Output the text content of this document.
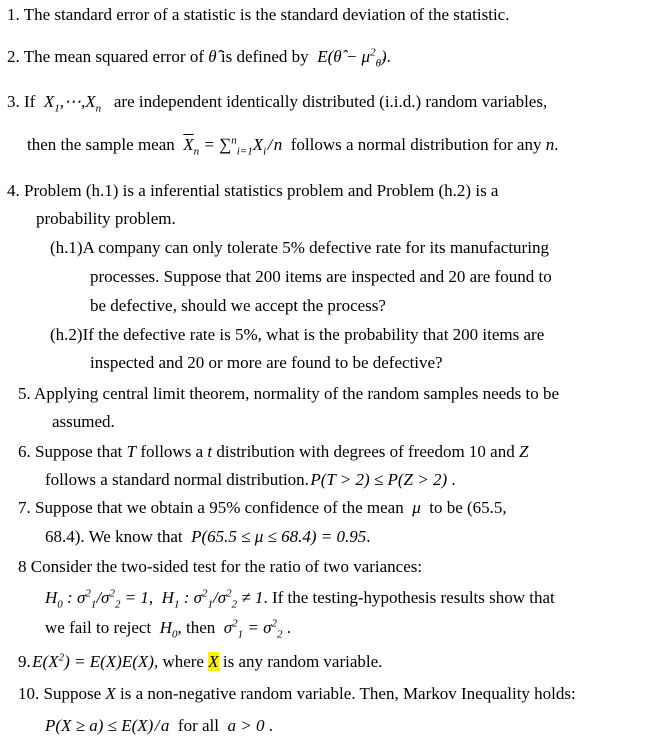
1. The standard error of a statistic is the standard deviation of the statistic.
2. The mean squared error of θ̂ is defined by  E(θ̂ − $\mu^2_{\thetâ}$).
3. If  $X_1,\cdots,X_n$ are independent identically distributed (i.i.d.) random variables,
then the sample mean $\overline{X}_n = \sum^n_{i=1}X_i$ / n  follows a normal distribution for any n.
4. Problem (h.1) is a inferential statistics problem and Problem (h.2) is a
probability problem.
(h.1)A company can only tolerate 5% defective rate for its manufacturing
processes. Suppose that 200 items are inspected and 20 are found to
be defective, should we accept the process?
(h.2)If the defective rate is 5%, what is the probability that 200 items are
inspected and 20 or more are found to be defective?
5. Applying central limit theorem, normality of the random samples needs to be
assumed.
6. Suppose that T follows a t distribution with degrees of freedom 10 and Z
follows a standard normal distribution. P(T > 2) ≤ P(Z > 2) .
7. Suppose that we obtain a 95% confidence of the mean  μ  to be (65.5,
68.4). We know that  P(65.5 ≤ μ ≤ 68.4) = 0.95.
8 Consider the two-sided test for the ratio of two variances:
$H_0$ : $\sigma^2_1/\sigma^2_2 = 1$,  $H_1$ : $\sigma^2_1/\sigma^2_2 \ne 1$. If the testing-hypothesis results show that
we fail to reject  $H_0$, then  $\sigma^2_1 = \sigma^2_2$ .
9. $E(X^2) = E(X)E(X)$, where X is any random variable.
10. Suppose X is a non-negative random variable. Then, Markov Inequality holds:
P(X ≥ a) ≤ E(X) / a for all  a > 0 .
